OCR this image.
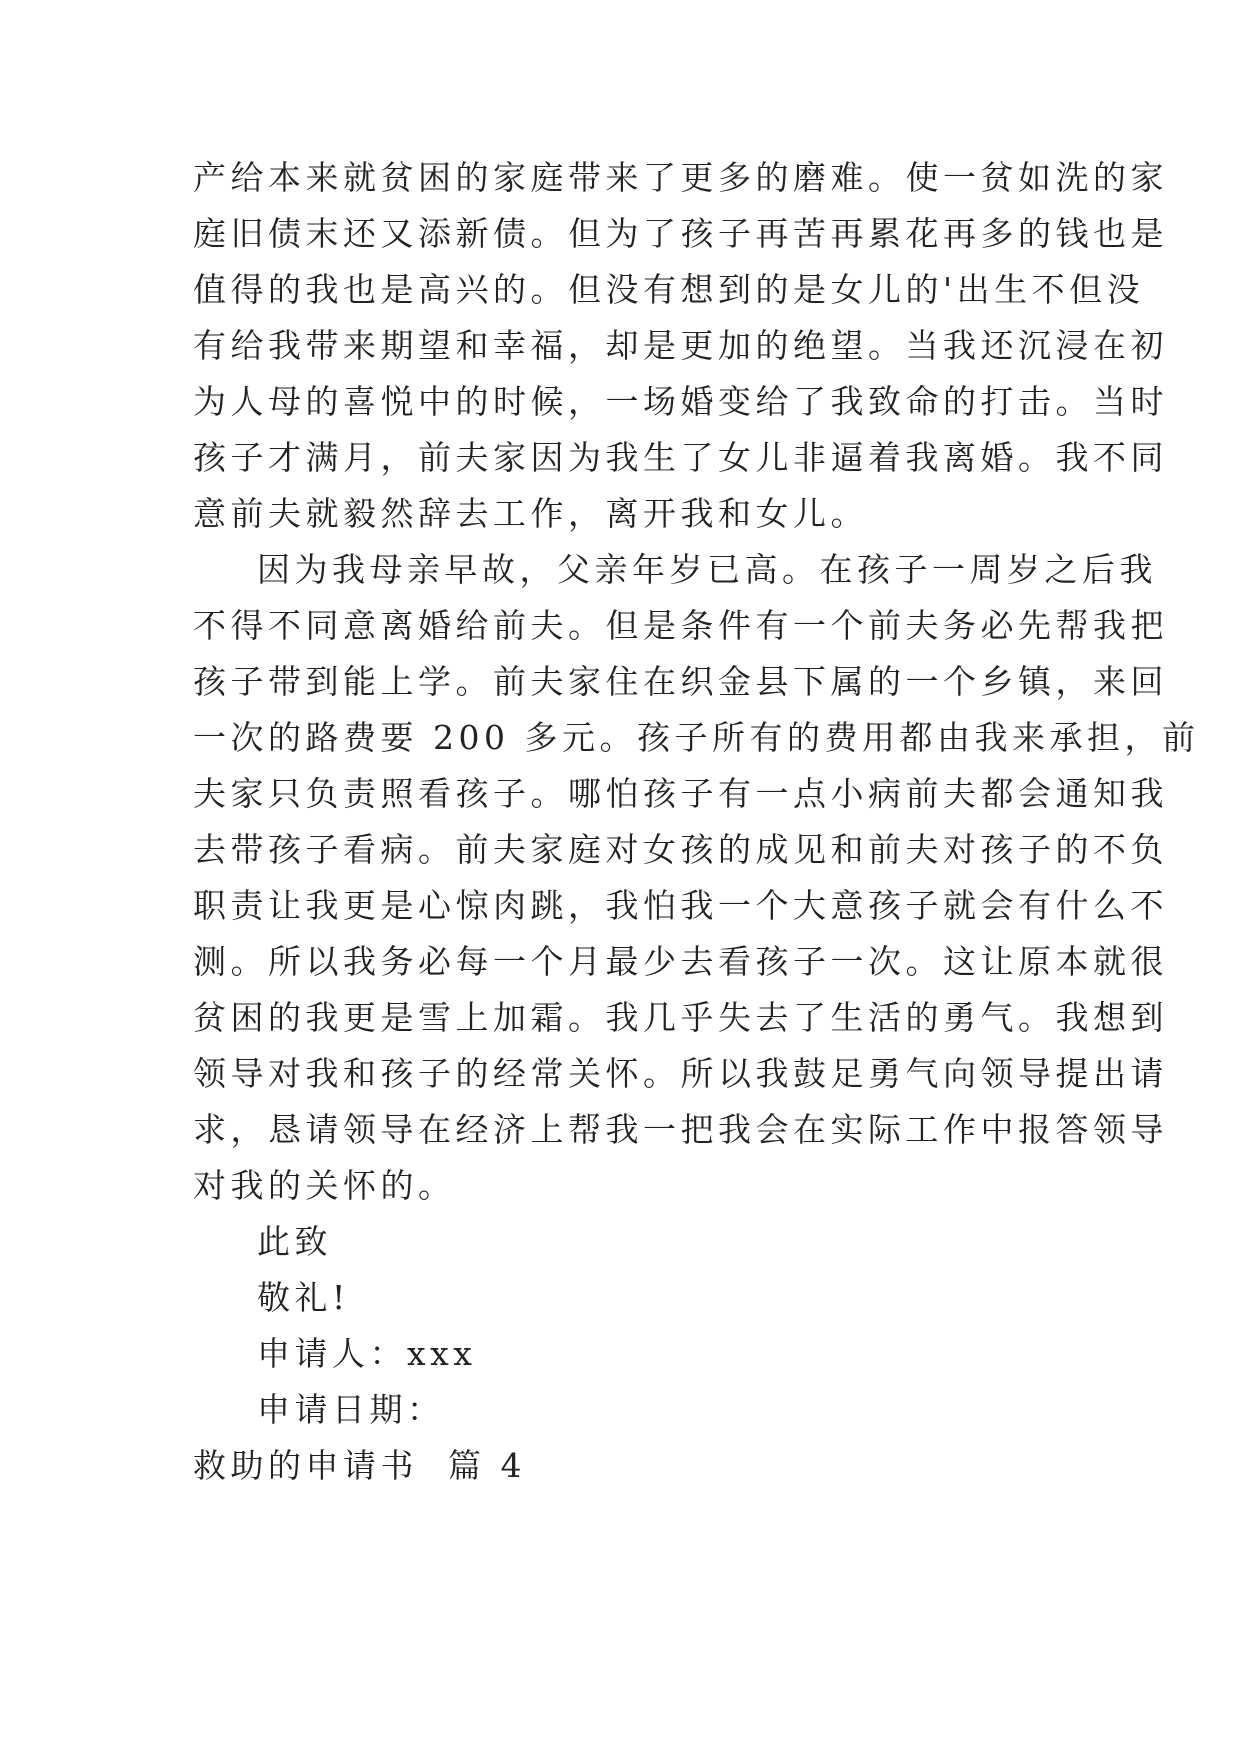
产给本来就贫困的家庭带来了更多的磨难。使一贫如洗的家
庭旧债末还又添新债。但为了孩子再苦再累花再多的钱也是
值得的我也是高兴的。但没有想到的是女儿的'出生不但没
有给我带来期望和幸福，却是更加的绝望。当我还沉浸在初
为人母的喜悦中的时候，一场婚变给了我致命的打击。当时
孩子才满月，前夫家因为我生了女儿非逼着我离婚。我不同
意前夫就毅然辞去工作，离开我和女儿。
因为我母亲早故，父亲年岁已高。在孩子一周岁之后我
不得不同意离婚给前夫。但是条件有一个前夫务必先帮我把
孩子带到能上学。前夫家住在织金县下属的一个乡镇，来回
一次的路费要 200 多元。孩子所有的费用都由我来承担，前
夫家只负责照看孩子。哪怕孩子有一点小病前夫都会通知我
去带孩子看病。前夫家庭对女孩的成见和前夫对孩子的不负
职责让我更是心惊肉跳，我怕我一个大意孩子就会有什么不
测。所以我务必每一个月最少去看孩子一次。这让原本就很
贫困的我更是雪上加霜。我几乎失去了生活的勇气。我想到
领导对我和孩子的经常关怀。所以我鼓足勇气向领导提出请
求，恳请领导在经济上帮我一把我会在实际工作中报答领导
对我的关怀的。
此致
敬礼!
申请人：xxx
申请日期：
救助的申请书  篇 4
